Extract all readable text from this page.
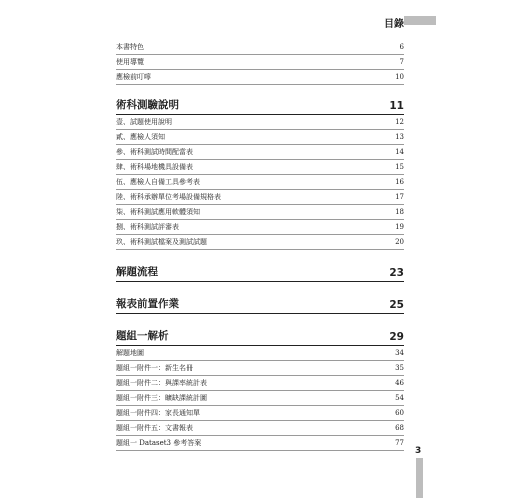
目錄
本書特色	6
使用導覽	7
應檢前叮嚀	10
術科測驗說明	11
壹、試題使用說明	12
貳、應檢人須知	13
參、術科測試時間配當表	14
肆、術科場地機具設備表	15
伍、應檢人自備工具參考表	16
陸、術科承辦單位考場設備規格表	17
柒、術科測試應用軟體須知	18
捌、術科測試評審表	19
玖、術科測試檔案及測試試題	20
解題流程	23
報表前置作業	25
題組一解析	29
解題地圖	34
題組一附件一：新生名冊	35
題組一附件二：與課率統計表	46
題組一附件三：曠缺課統計圖	54
題組一附件四：家長通知單	60
題組一附件五：文書報表	68
題組一 Dataset3 參考答案	77
3
